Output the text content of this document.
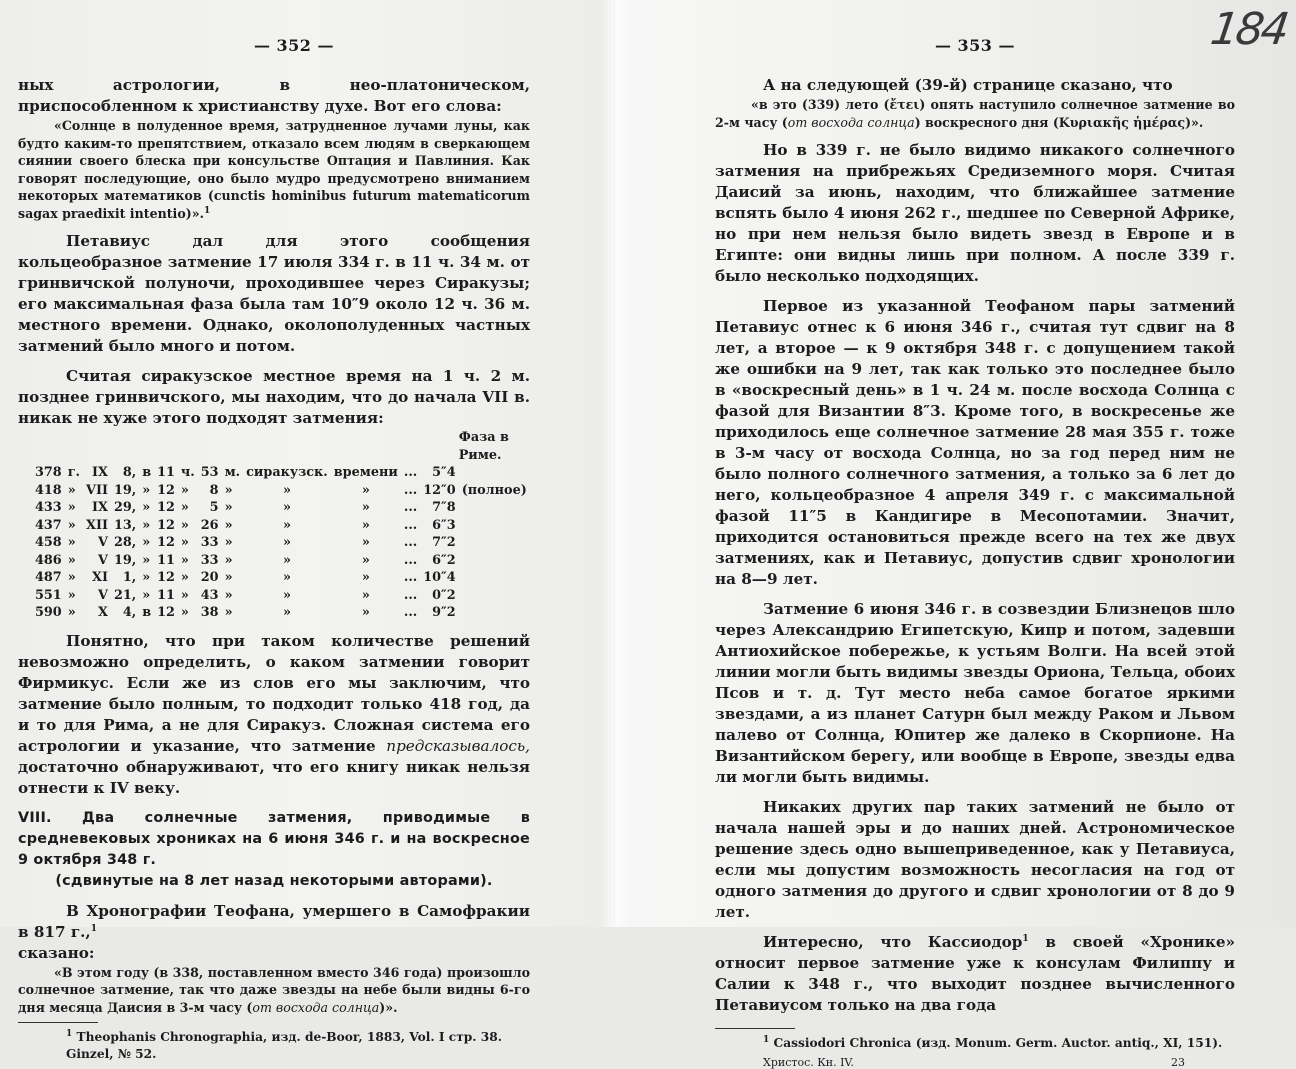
— 352 —

ных астрологии, в нео-платоническом, приспособленном к христианству духе. Вот его слова:

«Солнце в полуденное время, затрудненное лучами луны, как будто каким-то препятствием, отказало всем людям в сверкающем сиянии своего блеска при консульстве Оптация и Павлиния. Как говорят последующие, оно было мудро предусмотрено вниманием некоторых математиков (cunctis hominibus futurum matematicorum sagax praedixit intentio)».$^1$

Петавиус дал для этого сообщения кольцеобразное затмение 17 июля 334 г. в 11 ч. 34 м. от гринвичской полуночи, проходившее через Сиракузы; его максимальная фаза была там 10″9 около 12 ч. 36 м. местного времени. Однако, околополуденных частных затмений было много и потом.

Считая сиракузское местное время на 1 ч. 2 м. позднее гринвичского, мы находим, что до начала VII в. никак не хуже этого подходят затмения:

													Фаза в Риме.
378	г.	IX	8,	в	11	ч.	53	м.	сиракузск.	времени	...	5″4	
418	»	VII	19,	»	12	»	8	»	»	»	...	12″0	(полное)
433	»	IX	29,	»	12	»	5	»	»	»	...	7″8	
437	»	XII	13,	»	12	»	26	»	»	»	...	6″3	
458	»	V	28,	»	12	»	33	»	»	»	...	7″2	
486	»	V	19,	»	11	»	33	»	»	»	...	6″2	
487	»	XI	1,	»	12	»	20	»	»	»	...	10″4	
551	»	V	21,	»	11	»	43	»	»	»	...	0″2	
590	»	X	4,	в	12	»	38	»	»	»	...	9″2	

Понятно, что при таком количестве решений невозможно определить, о каком затмении говорит Фирмикус. Если же из слов его мы заключим, что затмение было полным, то подходит только 418 год, да и то для Рима, а не для Сиракуз. Сложная система его астрологии и указание, что затмение предсказывалось, достаточно обнаруживают, что его книгу никак нельзя отнести к IV веку.

VIII. Два солнечные затмения, приводимые в средневековых хрониках на 6 июня 346 г. и на воскресное 9 октября 348 г.
(сдвинутые на 8 лет назад некоторыми авторами).

В Хронографии Теофана, умершего в Самофракии в 817 г.,$^1$
сказано:

«В этом году (в 338, поставленном вместо 346 года) произошло солнечное затмение, так что даже звезды на небе были видны 6-го дня месяца Даисия в 3-м часу (от восхода солнца)».

$^1$ Theophanis Chronographia, изд. de-Boor, 1883, Vol. I стр. 38. Ginzel, № 52.
184
— 353 —

А на следующей (39-й) странице сказано, что

«в это (339) лето (ἔτει) опять наступило солнечное затмение во 2-м часу (от восхода солнца) воскресного дня (Κυριακῆς ἡμέρας)».

Но в 339 г. не было видимо никакого солнечного затмения на прибрежьях Средиземного моря. Считая Даисий за июнь, находим, что ближайшее затмение вспять было 4 июня 262 г., шедшее по Северной Африке, но при нем нельзя было видеть звезд в Европе и в Египте: они видны лишь при полном. А после 339 г. было несколько подходящих.

Первое из указанной Теофаном пары затмений Петавиус отнес к 6 июня 346 г., считая тут сдвиг на 8 лет, а второе — к 9 октября 348 г. с допущением такой же ошибки на 9 лет, так как только это последнее было в «воскресный день» в 1 ч. 24 м. после восхода Солнца с фазой для Византии 8″3. Кроме того, в воскресенье же приходилось еще солнечное затмение 28 мая 355 г. тоже в 3-м часу от восхода Солнца, но за год перед ним не было полного солнечного затмения, а только за 6 лет до него, кольцеобразное 4 апреля 349 г. с максимальной фазой 11″5 в Кандигире в Месопотамии. Значит, приходится остановиться прежде всего на тех же двух затмениях, как и Петавиус, допустив сдвиг хронологии на 8—9 лет.

Затмение 6 июня 346 г. в созвездии Близнецов шло через Александрию Египетскую, Кипр и потом, задевши Антиохийское побережье, к устьям Волги. На всей этой линии могли быть видимы звезды Ориона, Тельца, обоих Псов и т. д. Тут место неба самое богатое яркими звездами, а из планет Сатурн был между Раком и Львом палево от Солнца, Юпитер же далеко в Скорпионе. На Византийском берегу, или вообще в Европе, звезды едва ли могли быть видимы.

Никаких других пар таких затмений не было от начала нашей эры и до наших дней. Астрономическое решение здесь одно вышеприведенное, как у Петавиуса, если мы допустим возможность несогласия на год от одного затмения до другого и сдвиг хронологии от 8 до 9 лет.

Интересно, что Кассиодор$^1$ в своей «Хронике» относит первое затмение уже к консулам Филиппу и Салии к 348 г., что выходит позднее вычисленного Петавиусом только на два года

$^1$ Cassiodori Chronica (изд. Monum. Germ. Auctor. antiq., XI, 151).
Христос. Кн. IV.	23
